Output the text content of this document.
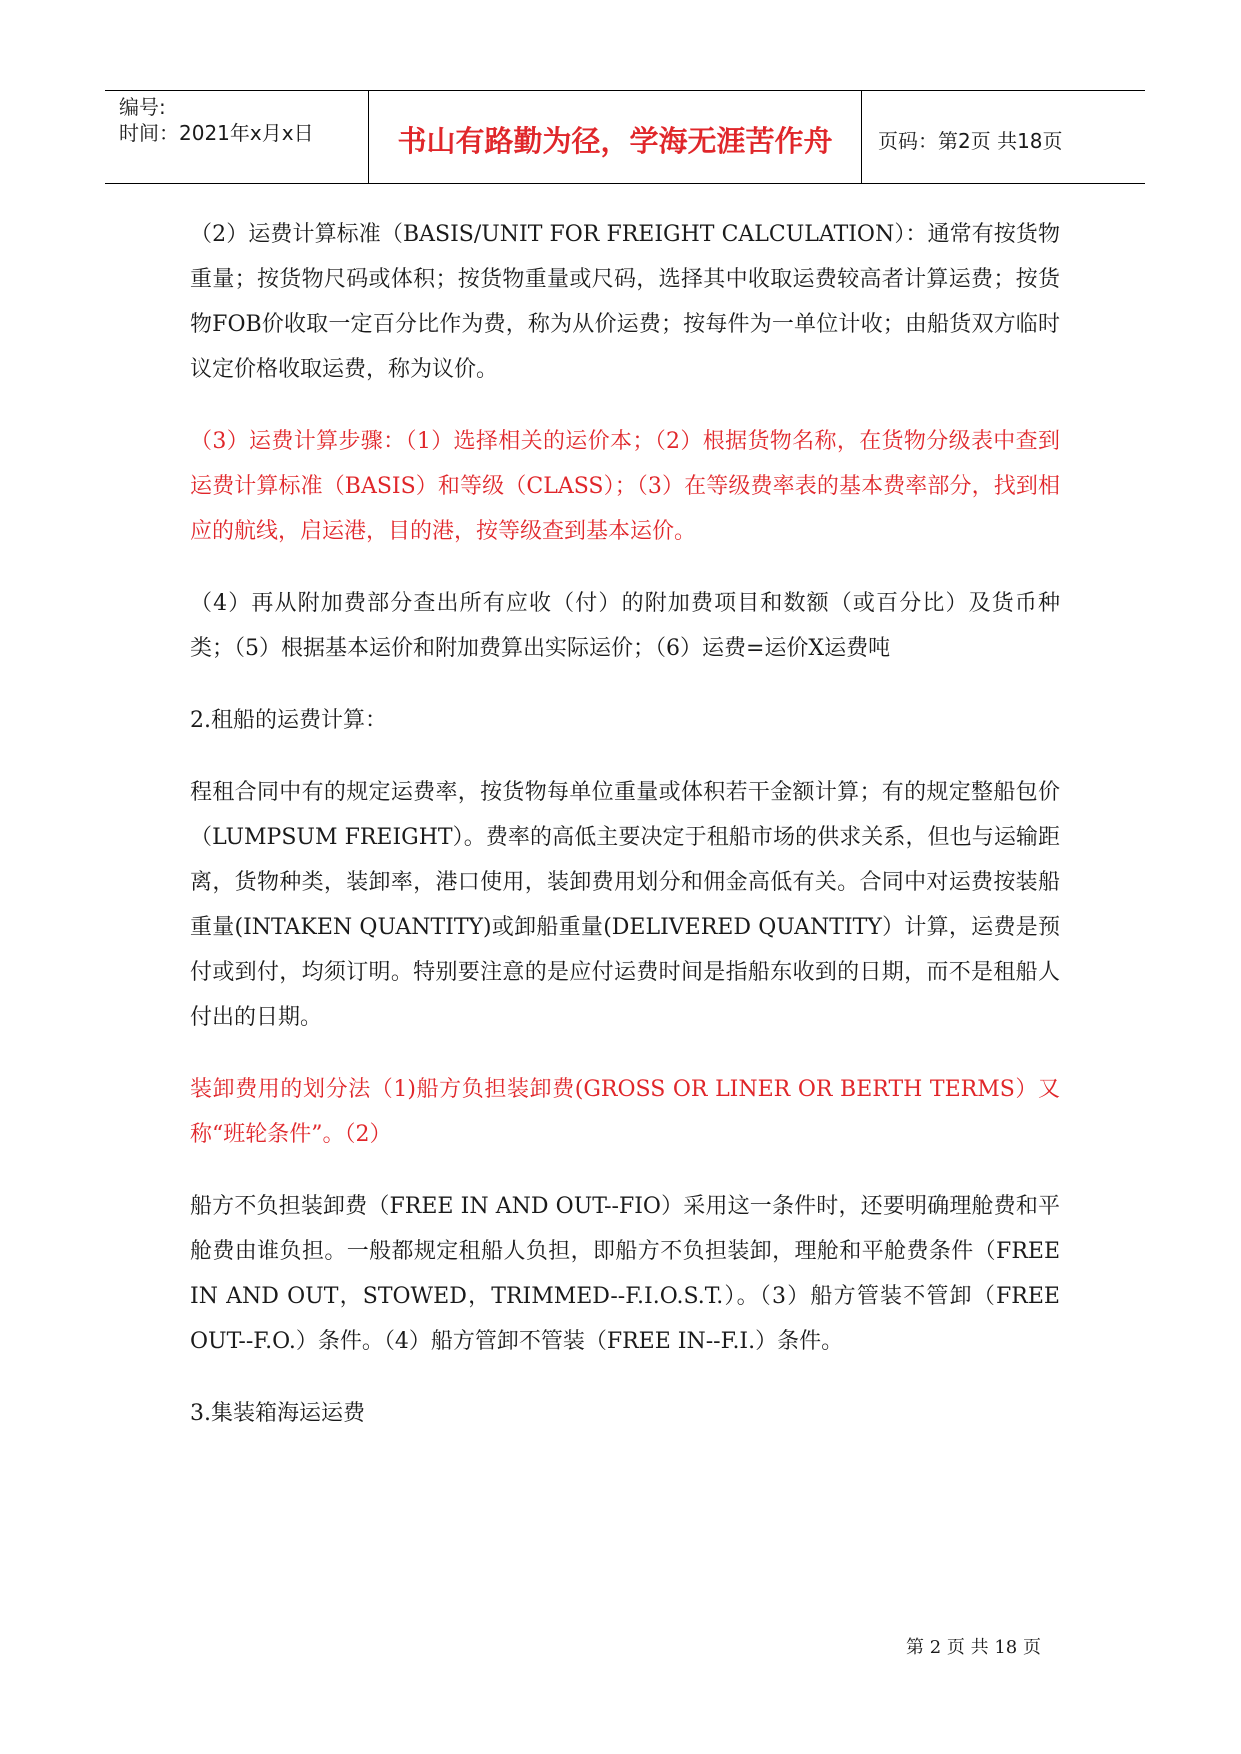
编号:
时间：2021年x月x日	书山有路勤为径，学海无涯苦作舟	页码：第2页 共18页

（2）运费计算标准（BASIS/UNIT FOR FREIGHT CALCULATION）：通常有按货物重量；按货物尺码或体积；按货物重量或尺码，选择其中收取运费较高者计算运费；按货物FOB价收取一定百分比作为费，称为从价运费；按每件为一单位计收；由船货双方临时议定价格收取运费，称为议价。

（3）运费计算步骤：（1）选择相关的运价本；（2）根据货物名称，在货物分级表中查到运费计算标准（BASIS）和等级（CLASS）；（3）在等级费率表的基本费率部分，找到相应的航线，启运港，目的港，按等级查到基本运价。

（4）再从附加费部分查出所有应收（付）的附加费项目和数额（或百分比）及货币种类；（5）根据基本运价和附加费算出实际运价；（6）运费=运价X运费吨

2.租船的运费计算：

程租合同中有的规定运费率，按货物每单位重量或体积若干金额计算；有的规定整船包价（LUMPSUM FREIGHT）。费率的高低主要决定于租船市场的供求关系，但也与运输距离，货物种类，装卸率，港口使用，装卸费用划分和佣金高低有关。合同中对运费按装船重量(INTAKEN QUANTITY)或卸船重量(DELIVERED QUANTITY）计算，运费是预付或到付，均须订明。特别要注意的是应付运费时间是指船东收到的日期，而不是租船人付出的日期。

装卸费用的划分法（1)船方负担装卸费(GROSS OR LINER OR BERTH TERMS）又称“班轮条件”。（2）

船方不负担装卸费（FREE IN AND OUT--FIO）采用这一条件时，还要明确理舱费和平舱费由谁负担。一般都规定租船人负担，即船方不负担装卸，理舱和平舱费条件（FREE IN AND OUT，STOWED，TRIMMED--F.I.O.S.T.）。（3）船方管装不管卸（FREE OUT--F.O.）条件。（4）船方管卸不管装（FREE IN--F.I.）条件。

3.集装箱海运运费

第 2 页 共 18 页
